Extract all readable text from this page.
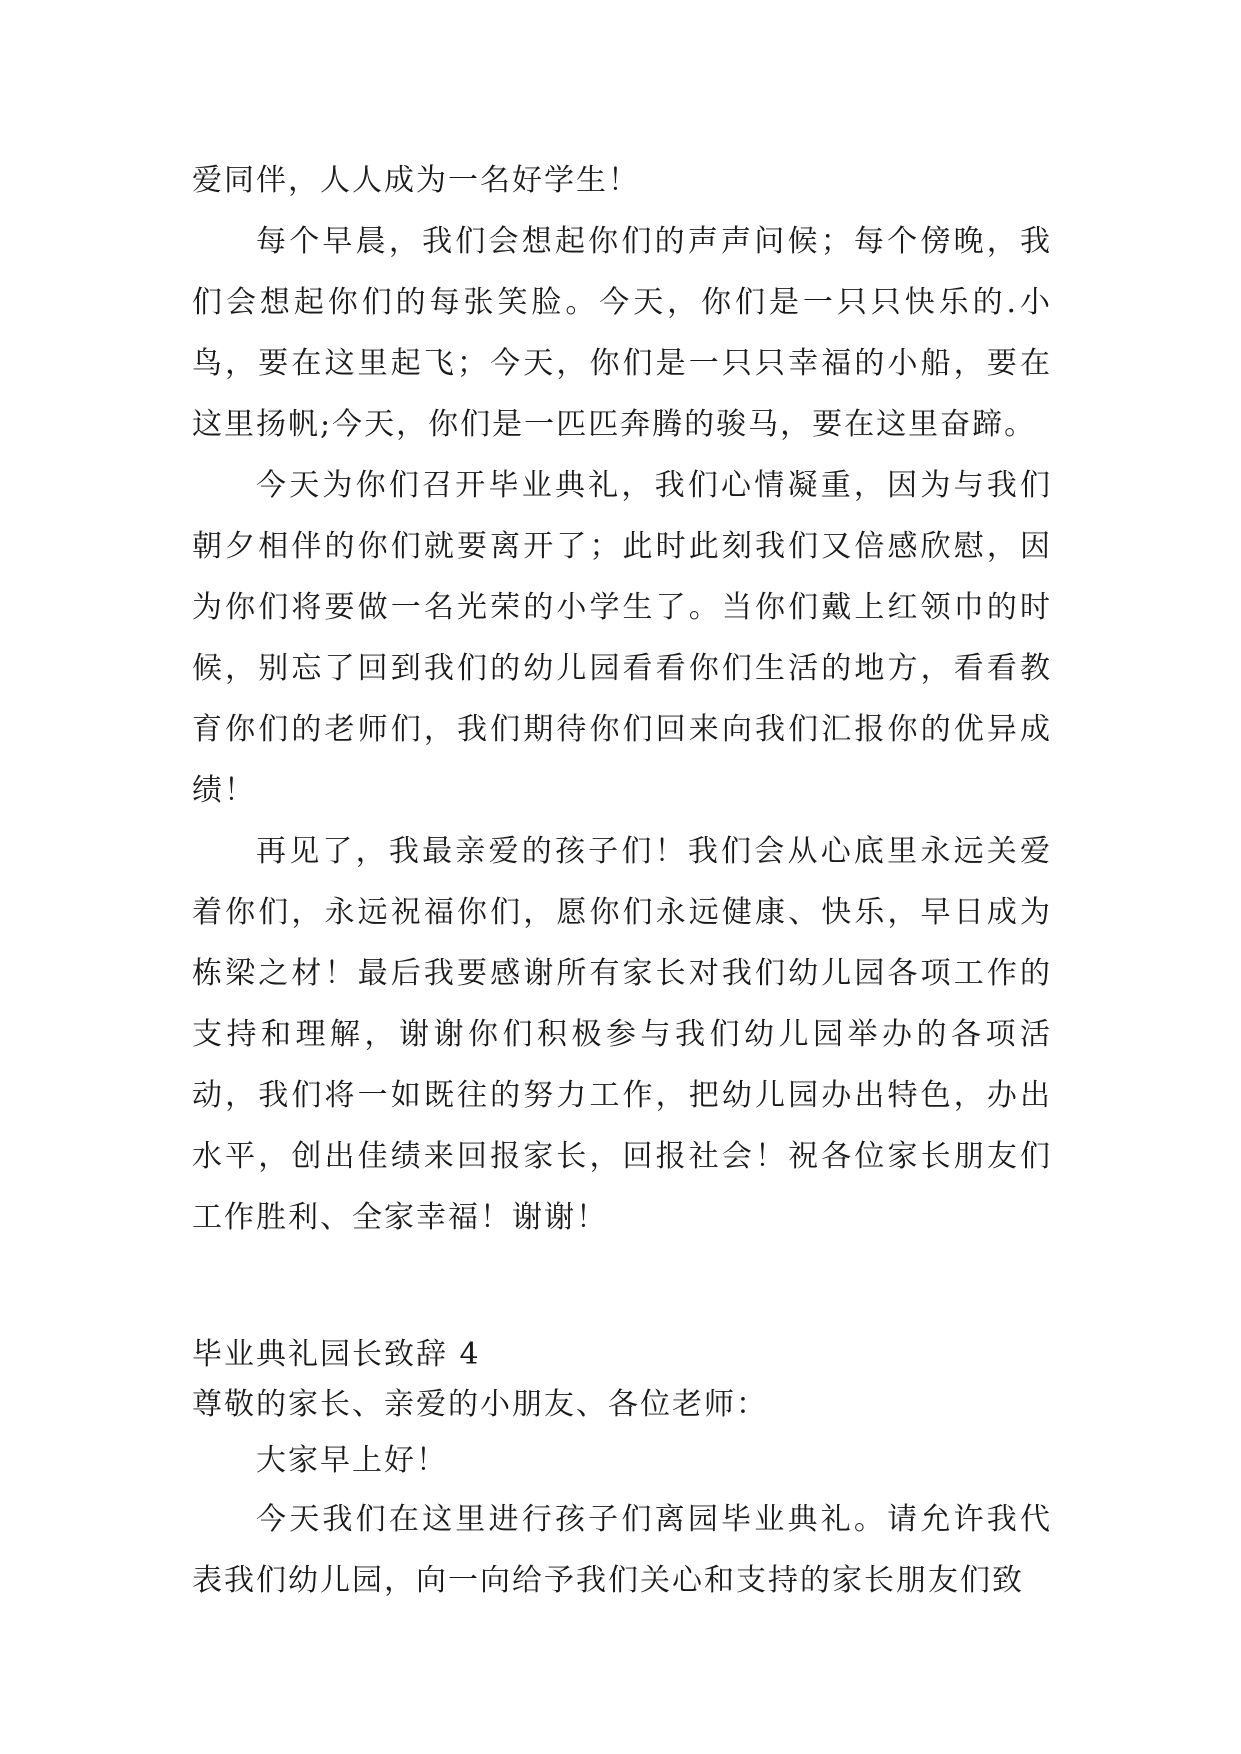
爱同伴，人人成为一名好学生！

每个早晨，我们会想起你们的声声问候；每个傍晚，我们会想起你们的每张笑脸。今天，你们是一只只快乐的.小鸟，要在这里起飞；今天，你们是一只只幸福的小船，要在这里扬帆;今天，你们是一匹匹奔腾的骏马，要在这里奋蹄。

今天为你们召开毕业典礼，我们心情凝重，因为与我们朝夕相伴的你们就要离开了；此时此刻我们又倍感欣慰，因为你们将要做一名光荣的小学生了。当你们戴上红领巾的时候，别忘了回到我们的幼儿园看看你们生活的地方，看看教育你们的老师们，我们期待你们回来向我们汇报你的优异成绩！

再见了，我最亲爱的孩子们！我们会从心底里永远关爱着你们，永远祝福你们，愿你们永远健康、快乐，早日成为栋梁之材！最后我要感谢所有家长对我们幼儿园各项工作的支持和理解，谢谢你们积极参与我们幼儿园举办的各项活动，我们将一如既往的努力工作，把幼儿园办出特色，办出水平，创出佳绩来回报家长，回报社会！祝各位家长朋友们工作胜利、全家幸福！谢谢！

毕业典礼园长致辞 4

尊敬的家长、亲爱的小朋友、各位老师：

大家早上好！

今天我们在这里进行孩子们离园毕业典礼。请允许我代表我们幼儿园，向一向给予我们关心和支持的家长朋友们致
